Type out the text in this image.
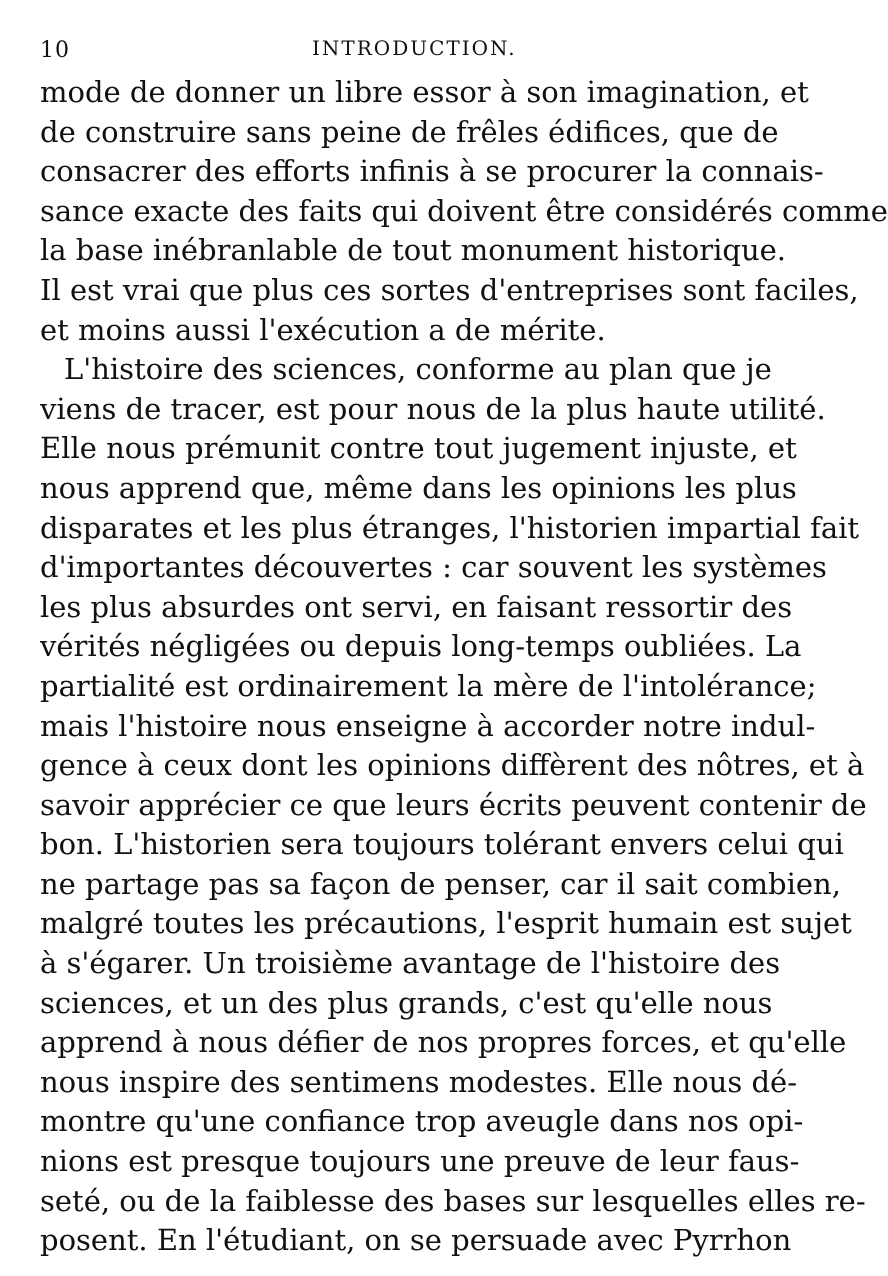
10	INTRODUCTION.
mode de donner un libre essor à son imagination, et
de construire sans peine de frêles édifices, que de
consacrer des efforts infinis à se procurer la connais-
sance exacte des faits qui doivent être considérés comme
la base inébranlable de tout monument historique.
Il est vrai que plus ces sortes d'entreprises sont faciles,
et moins aussi l'exécution a de mérite.
L'histoire des sciences, conforme au plan que je
viens de tracer, est pour nous de la plus haute utilité.
Elle nous prémunit contre tout jugement injuste, et
nous apprend que, même dans les opinions les plus
disparates et les plus étranges, l'historien impartial fait
d'importantes découvertes : car souvent les systèmes
les plus absurdes ont servi, en faisant ressortir des
vérités négligées ou depuis long-temps oubliées. La
partialité est ordinairement la mère de l'intolérance;
mais l'histoire nous enseigne à accorder notre indul-
gence à ceux dont les opinions diffèrent des nôtres, et à
savoir apprécier ce que leurs écrits peuvent contenir de
bon. L'historien sera toujours tolérant envers celui qui
ne partage pas sa façon de penser, car il sait combien,
malgré toutes les précautions, l'esprit humain est sujet
à s'égarer. Un troisième avantage de l'histoire des
sciences, et un des plus grands, c'est qu'elle nous
apprend à nous défier de nos propres forces, et qu'elle
nous inspire des sentimens modestes. Elle nous dé-
montre qu'une confiance trop aveugle dans nos opi-
nions est presque toujours une preuve de leur faus-
seté, ou de la faiblesse des bases sur lesquelles elles re-
posent. En l'étudiant, on se persuade avec Pyrrhon
